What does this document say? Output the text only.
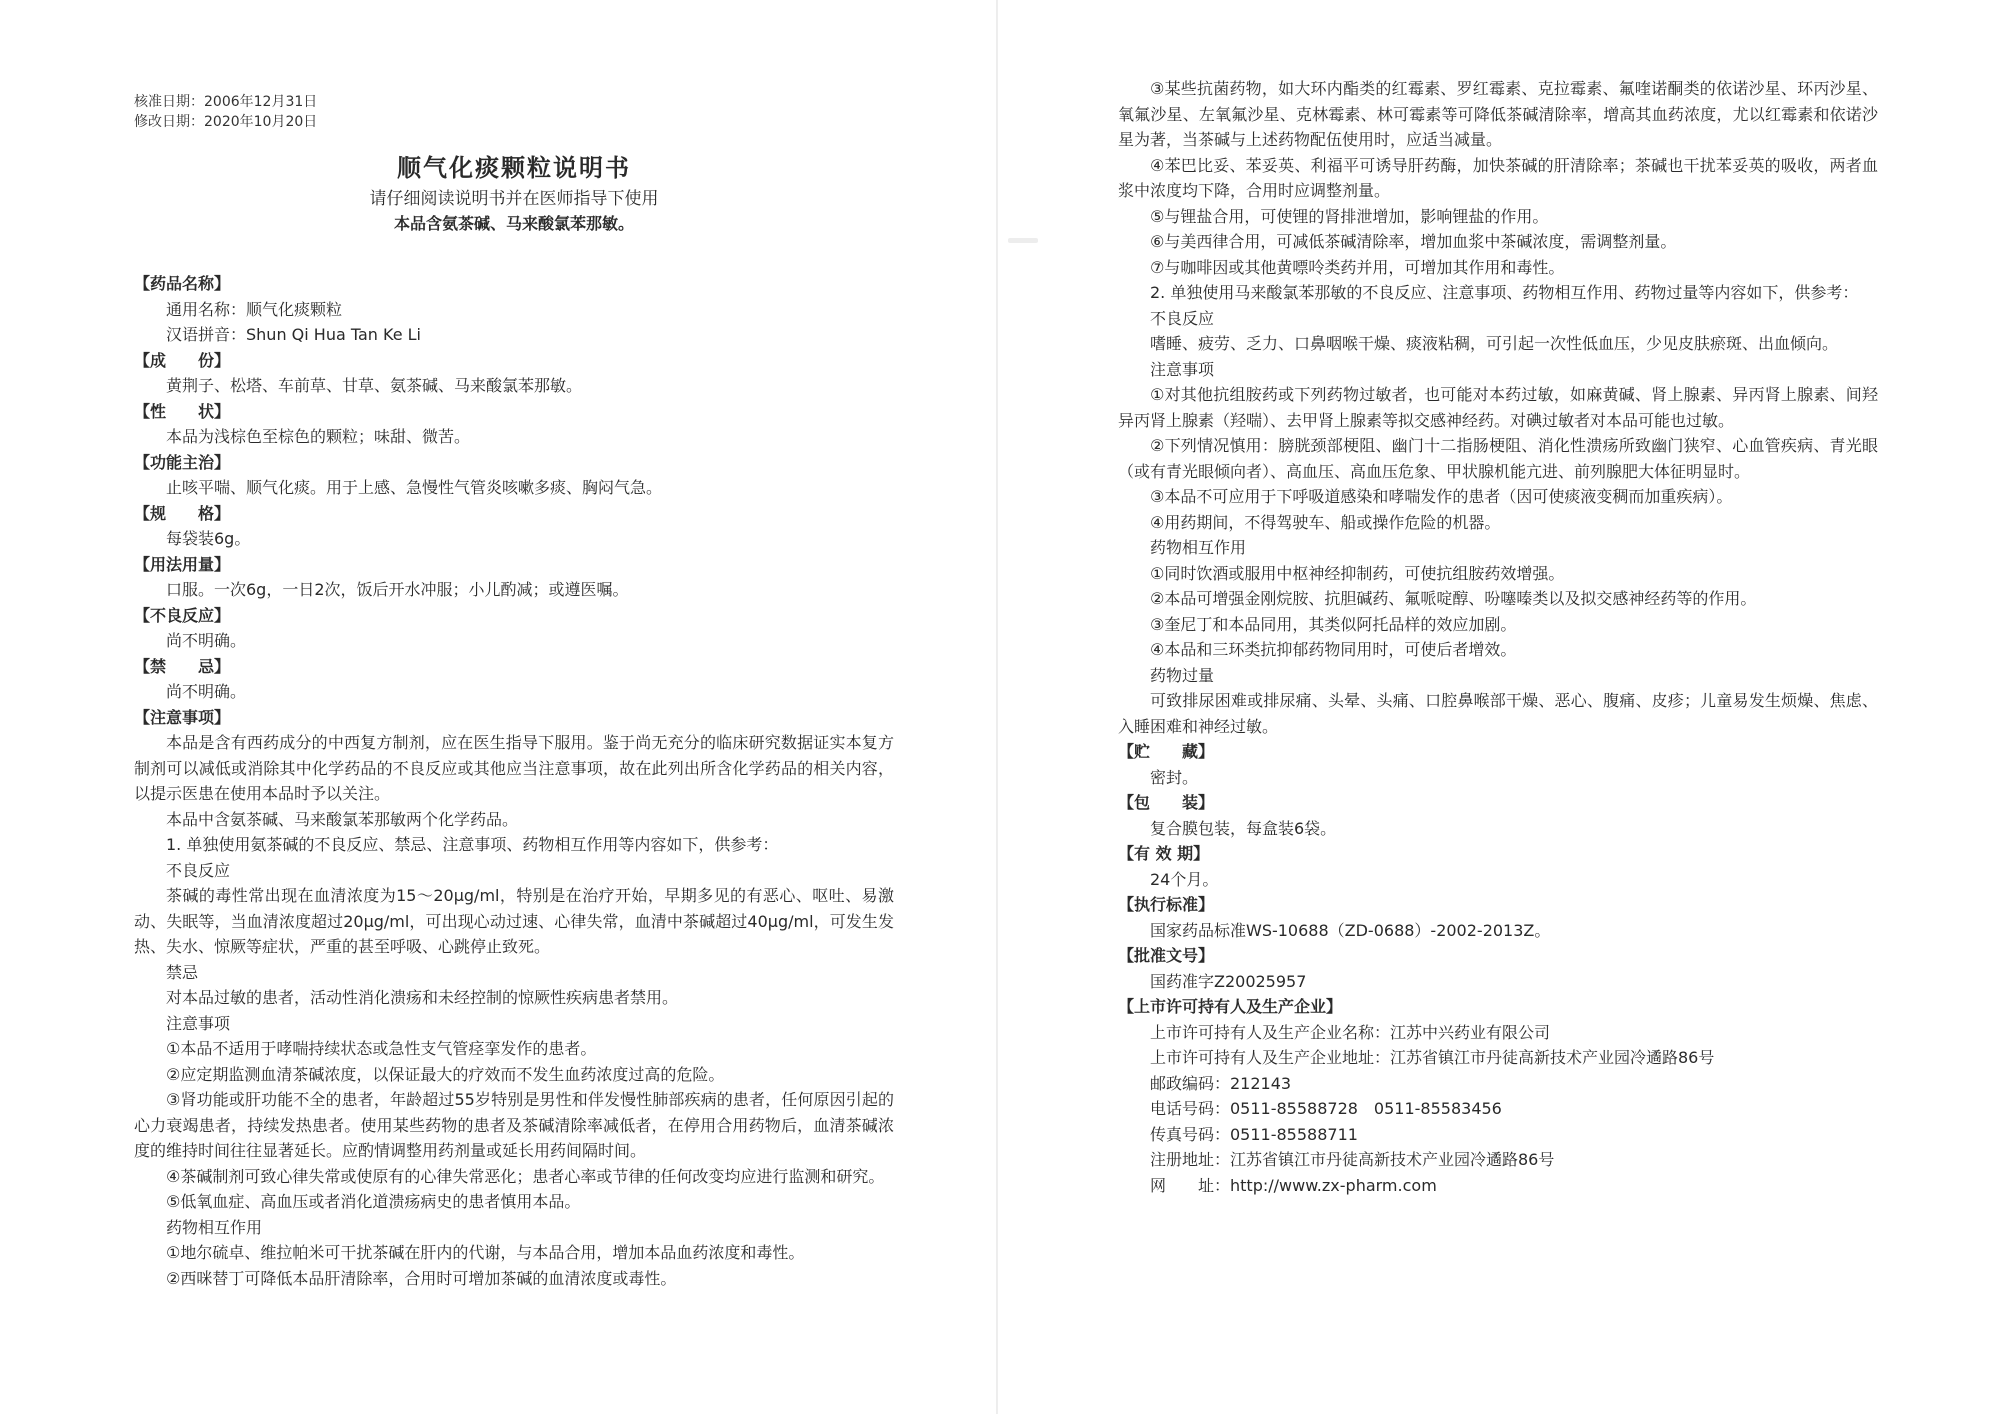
核准日期：2006年12月31日
修改日期：2020年10月20日
顺气化痰颗粒说明书
请仔细阅读说明书并在医师指导下使用
本品含氨茶碱、马来酸氯苯那敏。
【药品名称】
通用名称：顺气化痰颗粒
汉语拼音：Shun Qi Hua Tan Ke Li
【成　　份】
黄荆子、松塔、车前草、甘草、氨茶碱、马来酸氯苯那敏。
【性　　状】
本品为浅棕色至棕色的颗粒；味甜、微苦。
【功能主治】
止咳平喘、顺气化痰。用于上感、急慢性气管炎咳嗽多痰、胸闷气急。
【规　　格】
每袋装6g。
【用法用量】
口服。一次6g，一日2次，饭后开水冲服；小儿酌减；或遵医嘱。
【不良反应】
尚不明确。
【禁　　忌】
尚不明确。
【注意事项】
本品是含有西药成分的中西复方制剂，应在医生指导下服用。鉴于尚无充分的临床研究数据证实本复方制剂可以减低或消除其中化学药品的不良反应或其他应当注意事项，故在此列出所含化学药品的相关内容，以提示医患在使用本品时予以关注。
本品中含氨茶碱、马来酸氯苯那敏两个化学药品。
1. 单独使用氨茶碱的不良反应、禁忌、注意事项、药物相互作用等内容如下，供参考：
不良反应
茶碱的毒性常出现在血清浓度为15～20μg/ml，特别是在治疗开始，早期多见的有恶心、呕吐、易激动、失眠等，当血清浓度超过20μg/ml，可出现心动过速、心律失常，血清中茶碱超过40μg/ml，可发生发热、失水、惊厥等症状，严重的甚至呼吸、心跳停止致死。
禁忌
对本品过敏的患者，活动性消化溃疡和未经控制的惊厥性疾病患者禁用。
注意事项
①本品不适用于哮喘持续状态或急性支气管痉挛发作的患者。
②应定期监测血清茶碱浓度，以保证最大的疗效而不发生血药浓度过高的危险。
③肾功能或肝功能不全的患者，年龄超过55岁特别是男性和伴发慢性肺部疾病的患者，任何原因引起的心力衰竭患者，持续发热患者。使用某些药物的患者及茶碱清除率减低者，在停用合用药物后，血清茶碱浓度的维持时间往往显著延长。应酌情调整用药剂量或延长用药间隔时间。
④茶碱制剂可致心律失常或使原有的心律失常恶化；患者心率或节律的任何改变均应进行监测和研究。
⑤低氧血症、高血压或者消化道溃疡病史的患者慎用本品。
药物相互作用
①地尔硫卓、维拉帕米可干扰茶碱在肝内的代谢，与本品合用，增加本品血药浓度和毒性。
②西咪替丁可降低本品肝清除率，合用时可增加茶碱的血清浓度或毒性。
③某些抗菌药物，如大环内酯类的红霉素、罗红霉素、克拉霉素、氟喹诺酮类的依诺沙星、环丙沙星、氧氟沙星、左氧氟沙星、克林霉素、林可霉素等可降低茶碱清除率，增高其血药浓度，尤以红霉素和依诺沙星为著，当茶碱与上述药物配伍使用时，应适当减量。
④苯巴比妥、苯妥英、利福平可诱导肝药酶，加快茶碱的肝清除率；茶碱也干扰苯妥英的吸收，两者血浆中浓度均下降，合用时应调整剂量。
⑤与锂盐合用，可使锂的肾排泄增加，影响锂盐的作用。
⑥与美西律合用，可减低茶碱清除率，增加血浆中茶碱浓度，需调整剂量。
⑦与咖啡因或其他黄嘌呤类药并用，可增加其作用和毒性。
2. 单独使用马来酸氯苯那敏的不良反应、注意事项、药物相互作用、药物过量等内容如下，供参考：
不良反应
嗜睡、疲劳、乏力、口鼻咽喉干燥、痰液粘稠，可引起一次性低血压，少见皮肤瘀斑、出血倾向。
注意事项
①对其他抗组胺药或下列药物过敏者，也可能对本药过敏，如麻黄碱、肾上腺素、异丙肾上腺素、间羟异丙肾上腺素（羟喘）、去甲肾上腺素等拟交感神经药。对碘过敏者对本品可能也过敏。
②下列情况慎用：膀胱颈部梗阻、幽门十二指肠梗阻、消化性溃疡所致幽门狭窄、心血管疾病、青光眼（或有青光眼倾向者）、高血压、高血压危象、甲状腺机能亢进、前列腺肥大体征明显时。
③本品不可应用于下呼吸道感染和哮喘发作的患者（因可使痰液变稠而加重疾病）。
④用药期间，不得驾驶车、船或操作危险的机器。
药物相互作用
①同时饮酒或服用中枢神经抑制药，可使抗组胺药效增强。
②本品可增强金刚烷胺、抗胆碱药、氟哌啶醇、吩噻嗪类以及拟交感神经药等的作用。
③奎尼丁和本品同用，其类似阿托品样的效应加剧。
④本品和三环类抗抑郁药物同用时，可使后者增效。
药物过量
可致排尿困难或排尿痛、头晕、头痛、口腔鼻喉部干燥、恶心、腹痛、皮疹；儿童易发生烦燥、焦虑、入睡困难和神经过敏。
【贮　　藏】
密封。
【包　　装】
复合膜包装，每盒装6袋。
【有 效 期】
24个月。
【执行标准】
国家药品标准WS-10688（ZD-0688）-2002-2013Z。
【批准文号】
国药准字Z20025957
【上市许可持有人及生产企业】
上市许可持有人及生产企业名称：江苏中兴药业有限公司
上市许可持有人及生产企业地址：江苏省镇江市丹徒高新技术产业园冷遹路86号
邮政编码：212143
电话号码：0511-85588728　0511-85583456
传真号码：0511-85588711
注册地址：江苏省镇江市丹徒高新技术产业园冷遹路86号
网　　址：http://www.zx-pharm.com
